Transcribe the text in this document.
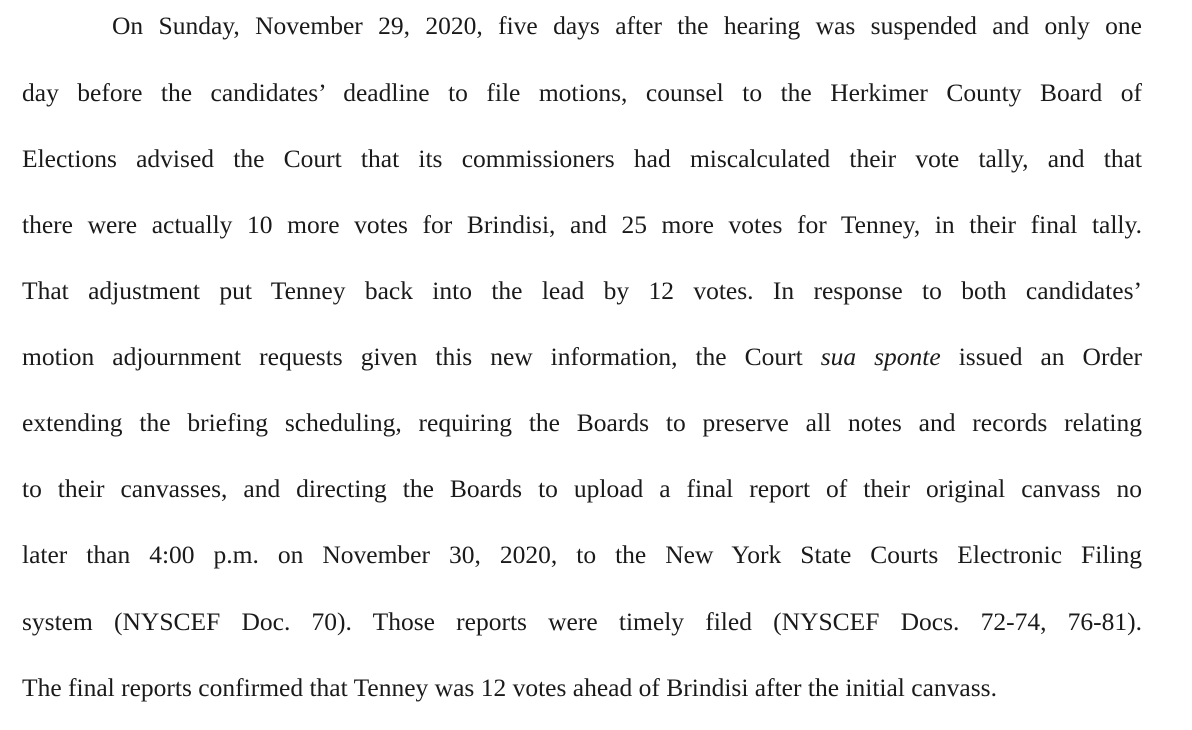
On Sunday, November 29, 2020, five days after the hearing was suspended and only one
day before the candidates’ deadline to file motions, counsel to the Herkimer County Board of
Elections advised the Court that its commissioners had miscalculated their vote tally, and that
there were actually 10 more votes for Brindisi, and 25 more votes for Tenney, in their final tally.
That adjustment put Tenney back into the lead by 12 votes. In response to both candidates’
motion adjournment requests given this new information, the Court sua sponte issued an Order
extending the briefing scheduling, requiring the Boards to preserve all notes and records relating
to their canvasses, and directing the Boards to upload a final report of their original canvass no
later than 4:00 p.m. on November 30, 2020, to the New York State Courts Electronic Filing
system (NYSCEF Doc. 70). Those reports were timely filed (NYSCEF Docs. 72-74, 76-81).
The final reports confirmed that Tenney was 12 votes ahead of Brindisi after the initial canvass.
